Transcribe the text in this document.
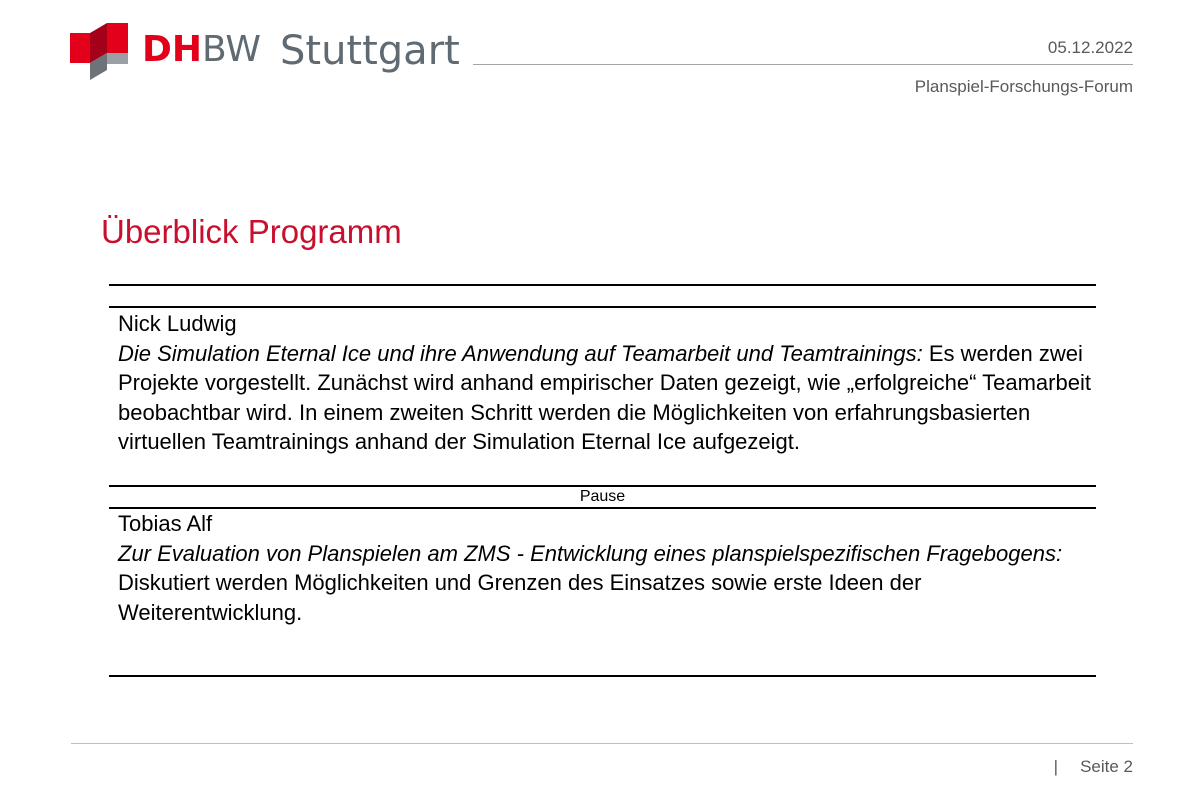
DHBW Stuttgart	05.12.2022
Planspiel-Forschungs-Forum
Überblick Programm
Nick Ludwig
Die Simulation Eternal Ice und ihre Anwendung auf Teamarbeit und Teamtrainings: Es werden zwei Projekte vorgestellt. Zunächst wird anhand empirischer Daten gezeigt, wie „erfolgreiche“ Teamarbeit beobachtbar wird. In einem zweiten Schritt werden die Möglichkeiten von erfahrungsbasierten virtuellen Teamtrainings anhand der Simulation Eternal Ice aufgezeigt.
Pause
Tobias Alf
Zur Evaluation von Planspielen am ZMS - Entwicklung eines planspielspezifischen Fragebogens: Diskutiert werden Möglichkeiten und Grenzen des Einsatzes sowie erste Ideen der Weiterentwicklung.
| Seite 2
